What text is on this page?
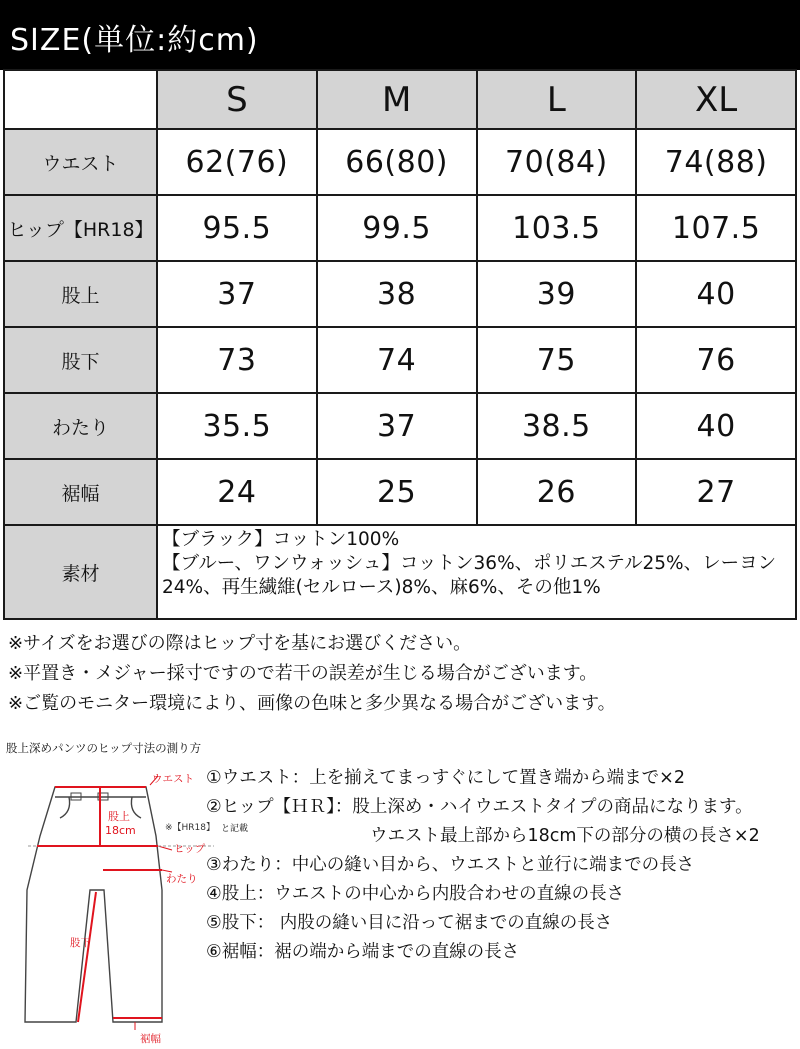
SIZE(単位:約cm)
	S	M	L	XL
ウエスト	62(76)	66(80)	70(84)	74(88)
ヒップ【HR18】	95.5	99.5	103.5	107.5
股上	37	38	39	40
股下	73	74	75	76
わたり	35.5	37	38.5	40
裾幅	24	25	26	27
素材	【ブラック】コットン100%
【ブルー、ワンウォッシュ】コットン36%、ポリエステル25%、レーヨン
24%、再生繊維(セルロース)8%、麻6%、その他1%			
※サイズをお選びの際はヒップ寸を基にお選びください。
※平置き・メジャー採寸ですので若干の誤差が生じる場合がございます。
※ご覧のモニター環境により、画像の色味と多少異なる場合がございます。
股上深めパンツのヒップ寸法の測り方
ウエスト
股上
18cm	※【HR18】
ヒップ
わたり
股下
裾幅
と記載
①ウエスト：上を揃えてまっすぐにして置き端から端まで×2
②ヒップ【ＨＲ】：股上深め・ハイウエストタイプの商品になります。
ウエスト最上部から18cm下の部分の横の長さ×2
③わたり：中心の縫い目から、ウエストと並行に端までの長さ
④股上：ウエストの中心から内股合わせの直線の長さ
⑤股下： 内股の縫い目に沿って裾までの直線の長さ
⑥裾幅：裾の端から端までの直線の長さ
